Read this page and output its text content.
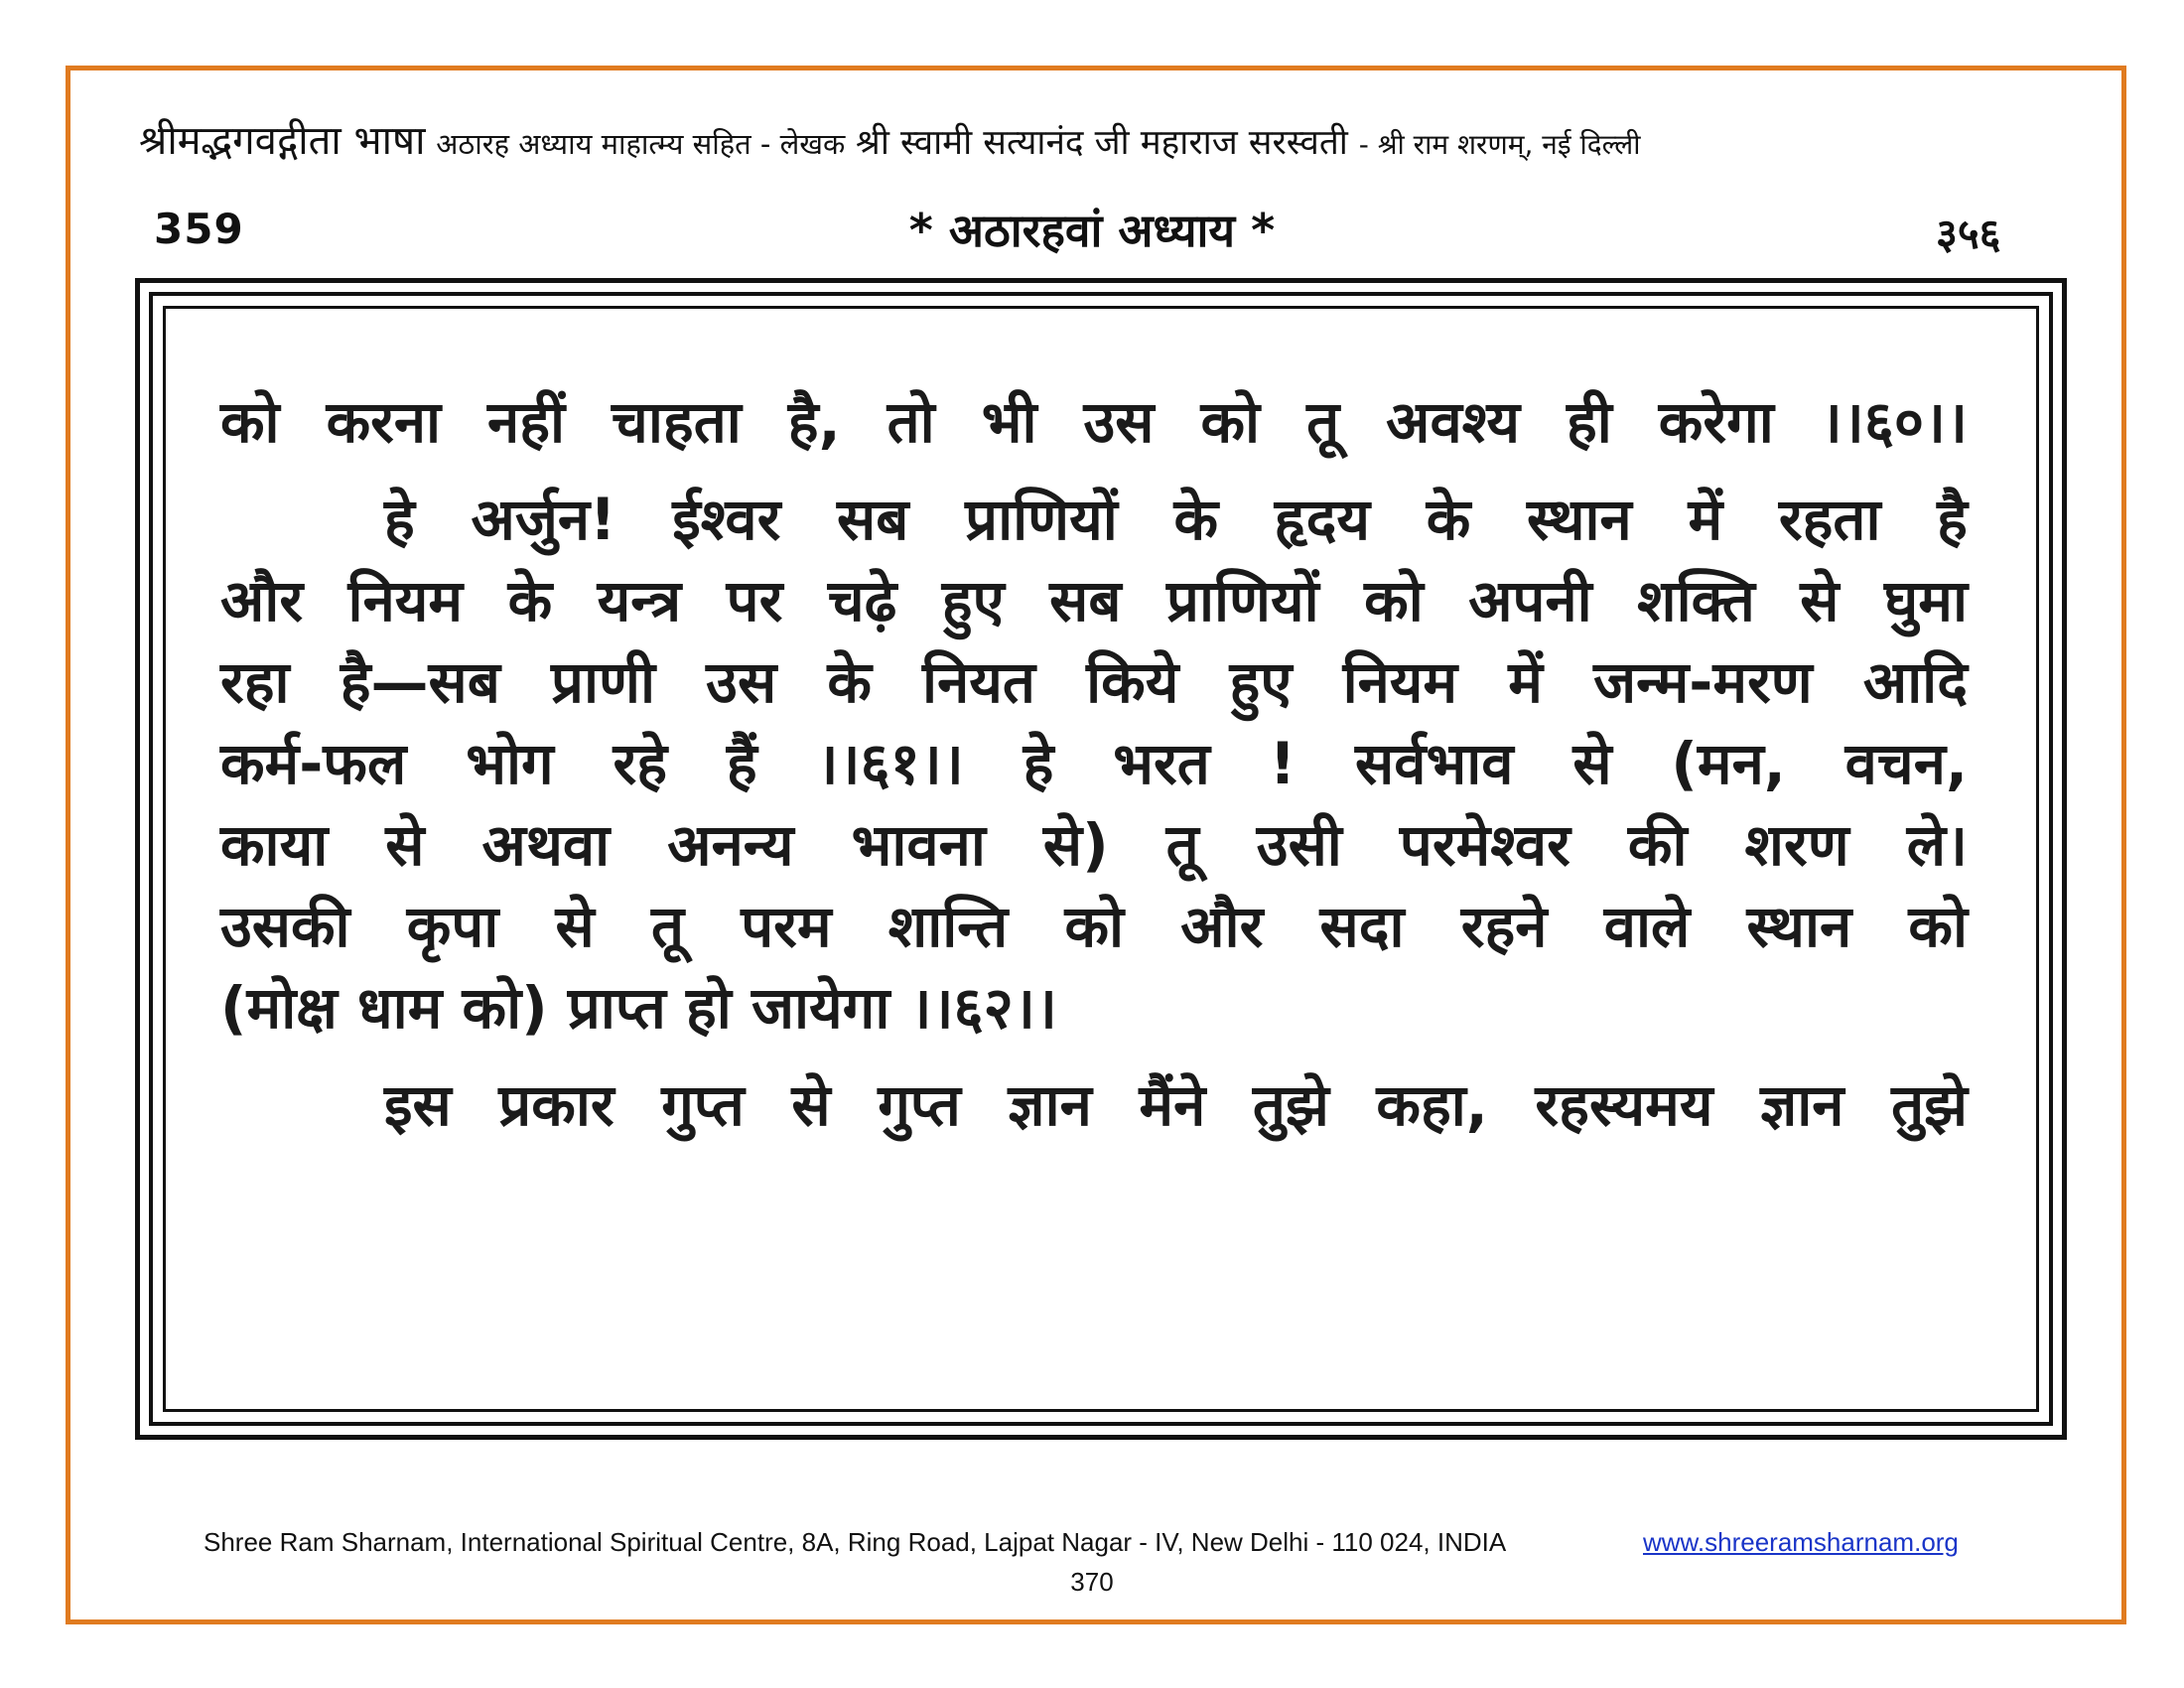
श्रीमद्भगवद्गीता भाषा अठारह अध्याय माहात्म्य सहित - लेखक श्री स्वामी सत्यानंद जी महाराज सरस्वती - श्री राम शरणम्, नई दिल्ली
359	* अठारहवां अध्याय *	३५६
को करना नहीं चाहता है, तो भी उस को तू अवश्य ही करेगा ।।६०।।
हे अर्जुन! ईश्वर सब प्राणियों के हृदय के स्थान में रहता है
और नियम के यन्त्र पर चढ़े हुए सब प्राणियों को अपनी शक्ति से घुमा
रहा है—सब प्राणी उस के नियत किये हुए नियम में जन्म-मरण आदि
कर्म-फल भोग रहे हैं ।।६१।। हे भरत ! सर्वभाव से (मन, वचन,
काया से अथवा अनन्य भावना से) तू उसी परमेश्वर की शरण ले।
उसकी कृपा से तू परम शान्ति को और सदा रहने वाले स्थान को
(मोक्ष धाम को) प्राप्त हो जायेगा ।।६२।।
इस प्रकार गुप्त से गुप्त ज्ञान मैंने तुझे कहा, रहस्यमय ज्ञान तुझे
Shree Ram Sharnam, International Spiritual Centre, 8A, Ring Road, Lajpat Nagar - IV, New Delhi - 110 024, INDIA	www.shreeramsharnam.org
370
